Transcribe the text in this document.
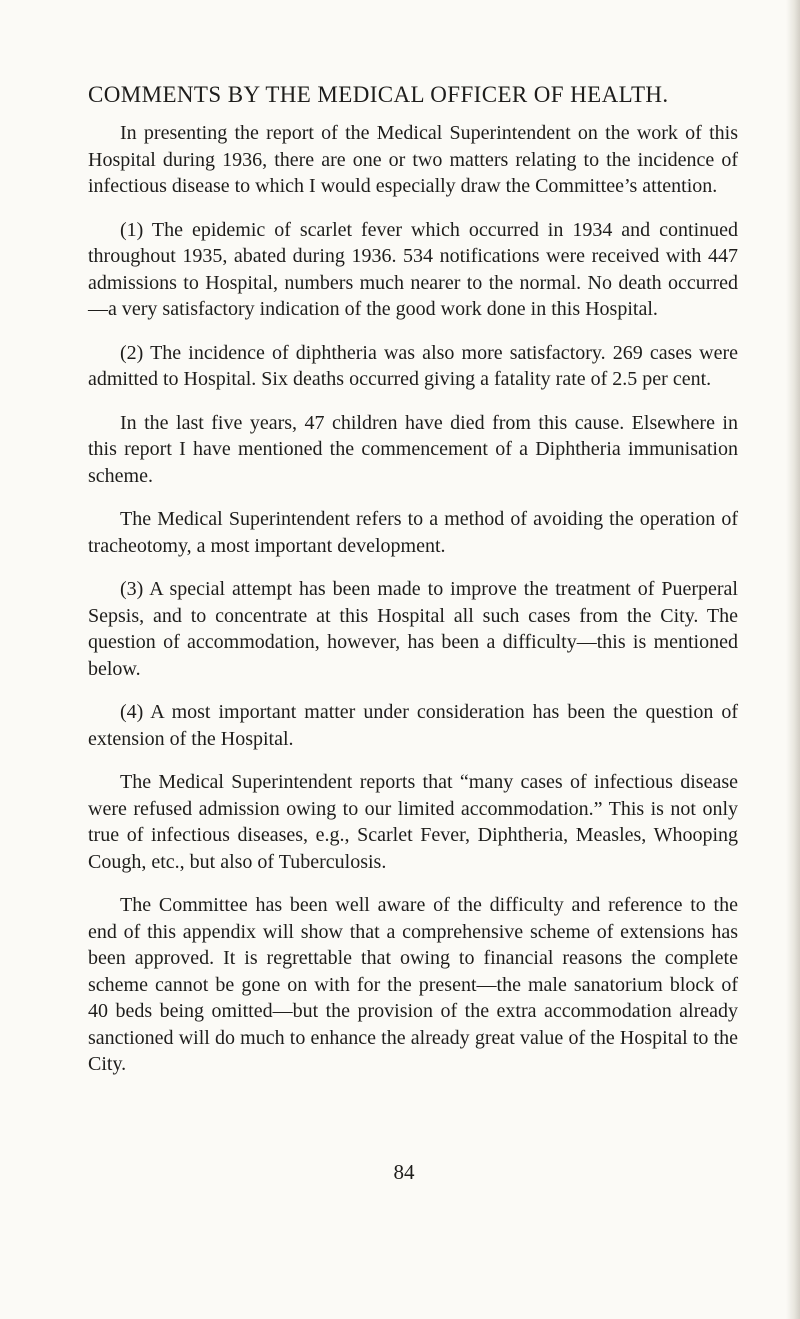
COMMENTS BY THE MEDICAL OFFICER OF HEALTH.

In presenting the report of the Medical Superintendent on the work of this Hospital during 1936, there are one or two matters relating to the incidence of infectious disease to which I would especially draw the Committee’s attention.

(1) The epidemic of scarlet fever which occurred in 1934 and continued throughout 1935, abated during 1936. 534 notifications were received with 447 admissions to Hospital, numbers much nearer to the normal. No death occurred—a very satisfactory indication of the good work done in this Hospital.

(2) The incidence of diphtheria was also more satisfactory. 269 cases were admitted to Hospital. Six deaths occurred giving a fatality rate of 2.5 per cent.

In the last five years, 47 children have died from this cause. Elsewhere in this report I have mentioned the commencement of a Diphtheria immunisation scheme.

The Medical Superintendent refers to a method of avoiding the operation of tracheotomy, a most important development.

(3) A special attempt has been made to improve the treatment of Puerperal Sepsis, and to concentrate at this Hospital all such cases from the City. The question of accommodation, however, has been a difficulty—this is mentioned below.

(4) A most important matter under consideration has been the question of extension of the Hospital.

The Medical Superintendent reports that “many cases of infectious disease were refused admission owing to our limited accommodation.” This is not only true of infectious diseases, e.g., Scarlet Fever, Diphtheria, Measles, Whooping Cough, etc., but also of Tuberculosis.

The Committee has been well aware of the difficulty and reference to the end of this appendix will show that a comprehensive scheme of extensions has been approved. It is regrettable that owing to financial reasons the complete scheme cannot be gone on with for the present—the male sanatorium block of 40 beds being omitted—but the provision of the extra accommodation already sanctioned will do much to enhance the already great value of the Hospital to the City.

84
